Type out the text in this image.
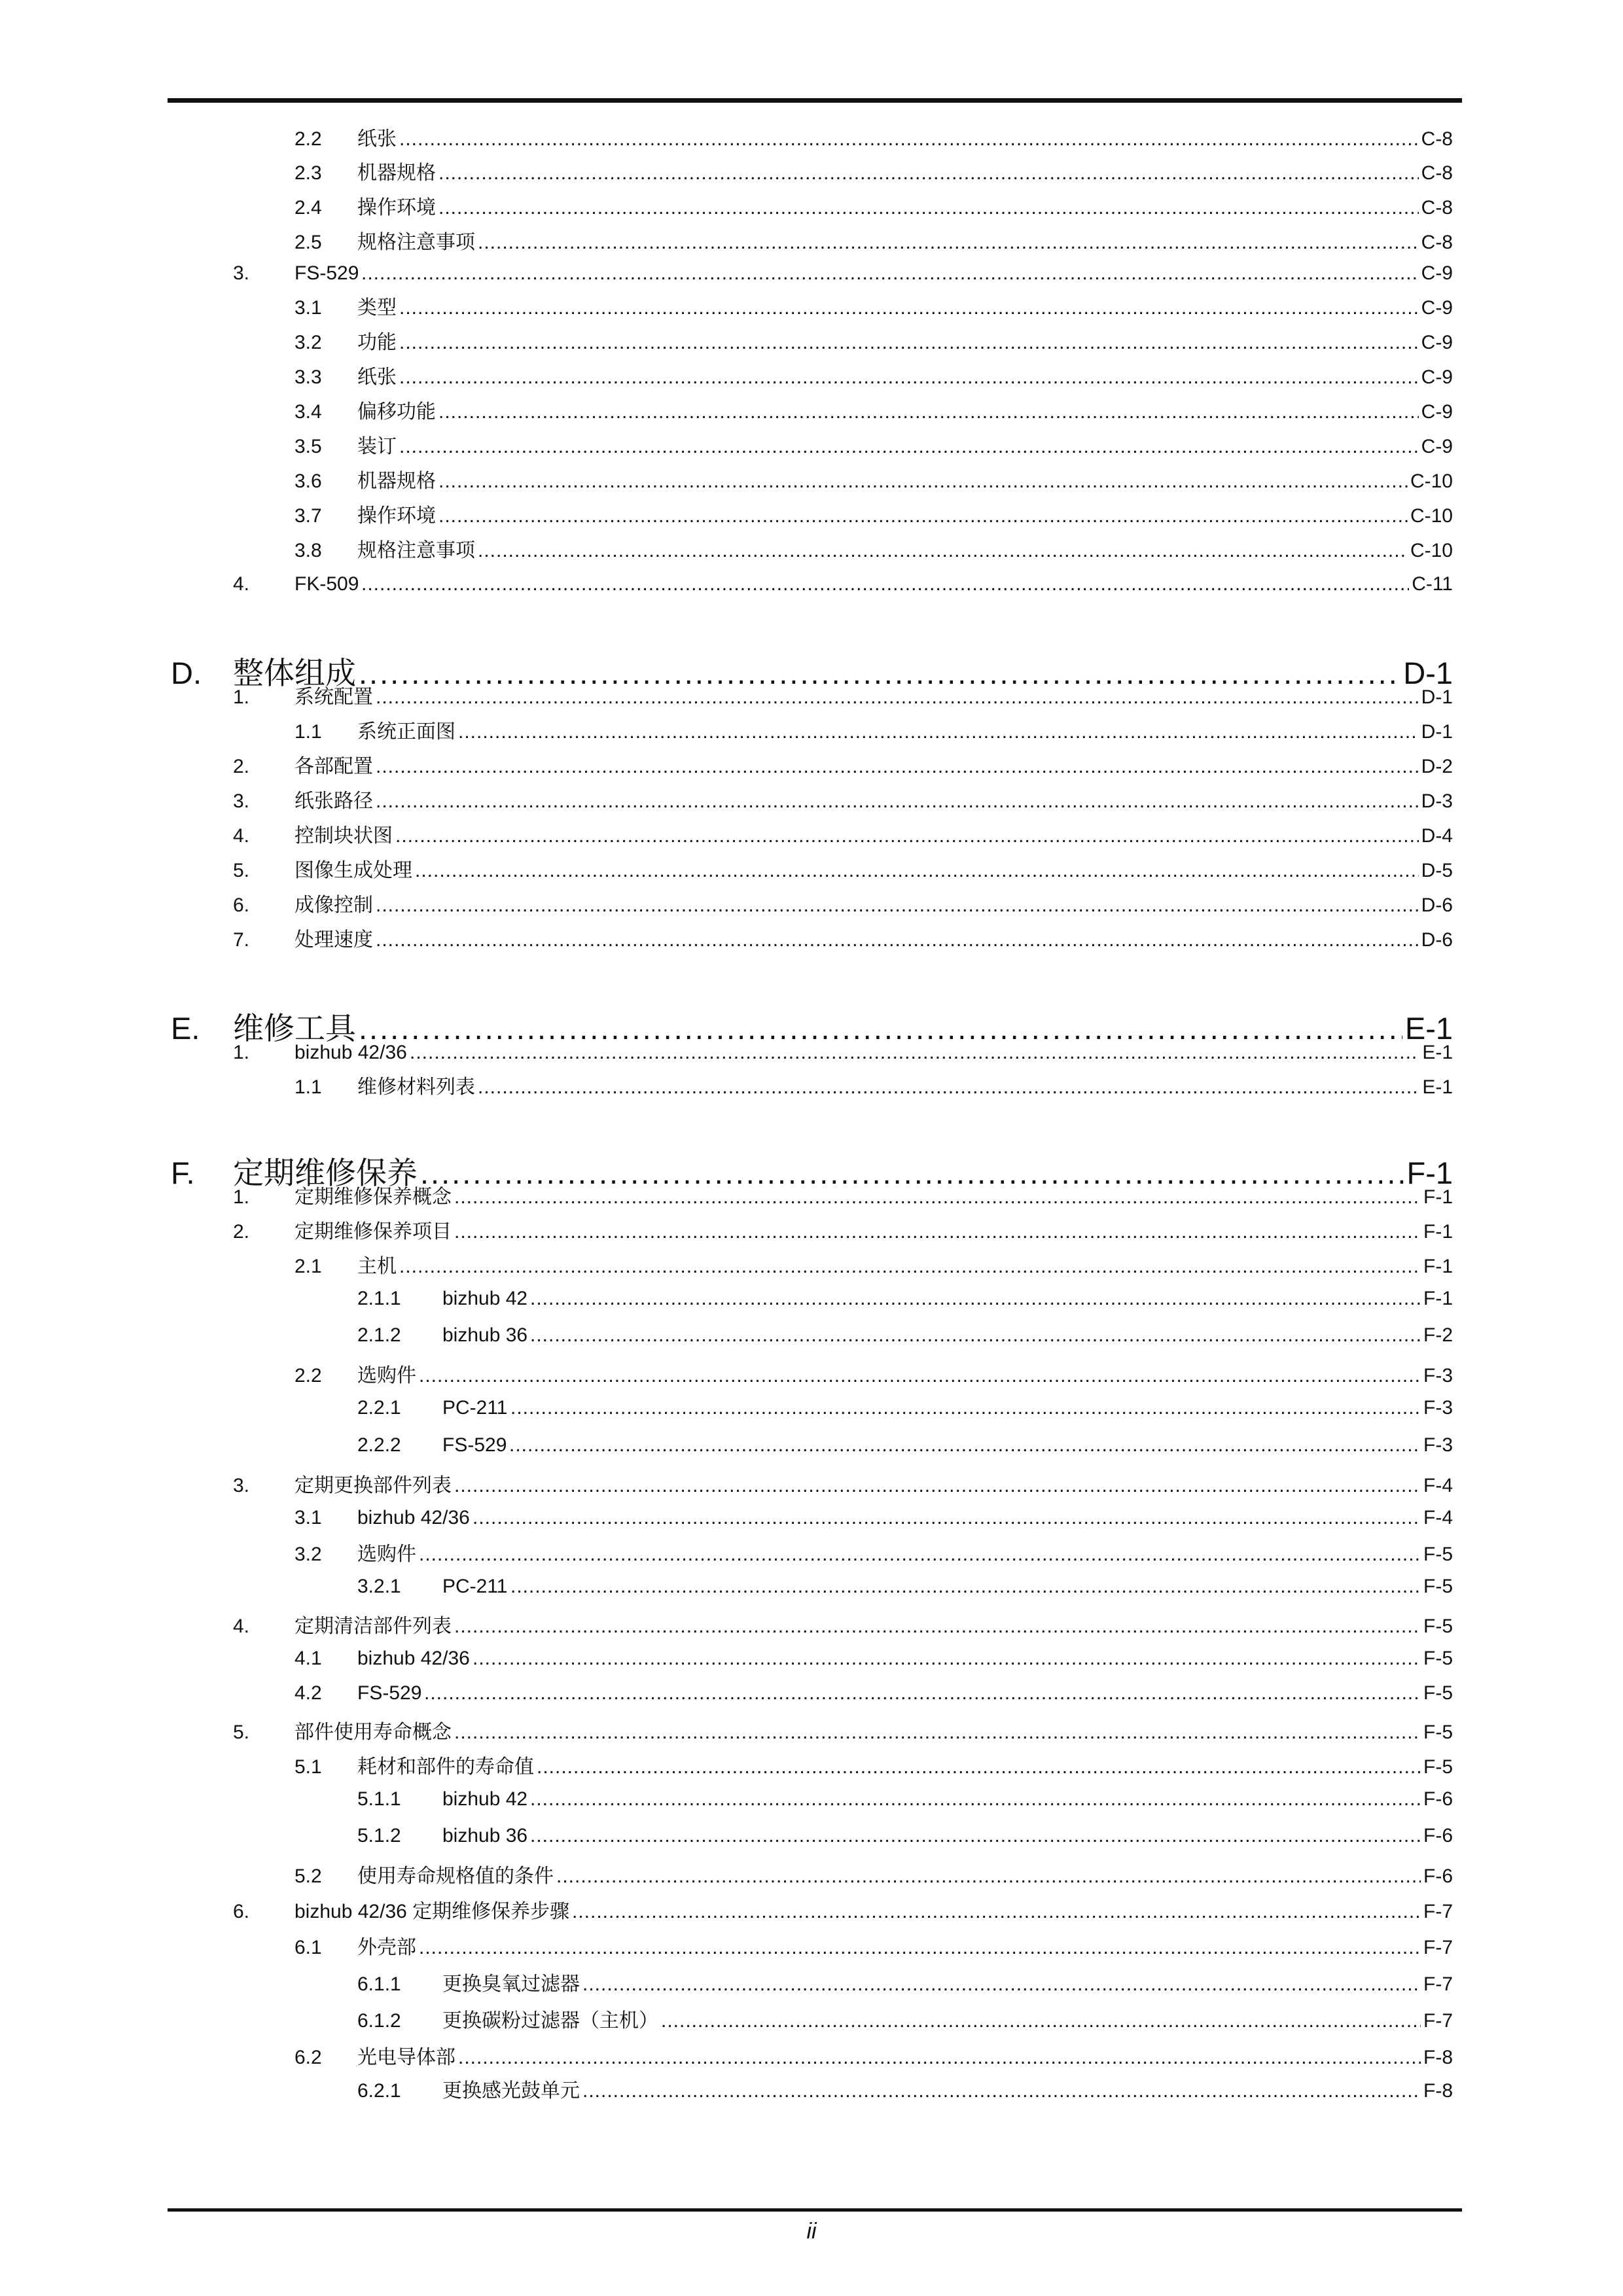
2.2 纸张 .....	C-8
2.3 机器规格 .....	C-8
2.4 操作环境 .....	C-8
2.5 规格注意事项 .....	C-8
3. FS-529 .....	C-9
3.1 类型 .....	C-9
3.2 功能 .....	C-9
3.3 纸张 .....	C-9
3.4 偏移功能 .....	C-9
3.5 装订 .....	C-9
3.6 机器规格 .....	C-10
3.7 操作环境 .....	C-10
3.8 规格注意事项 .....	C-10
4. FK-509 .....	C-11
D. 整体组成 .....	D-1
1. 系统配置 .....	D-1
1.1 系统正面图 .....	D-1
2. 各部配置 .....	D-2
3. 纸张路径 .....	D-3
4. 控制块状图 .....	D-4
5. 图像生成处理 .....	D-5
6. 成像控制 .....	D-6
7. 处理速度 .....	D-6
E. 维修工具 .....	E-1
1. bizhub 42/36 .....	E-1
1.1 维修材料列表 .....	E-1
F. 定期维修保养 .....	F-1
1. 定期维修保养概念 .....	F-1
2. 定期维修保养项目 .....	F-1
2.1 主机 .....	F-1
2.1.1 bizhub 42 .....	F-1
2.1.2 bizhub 36 .....	F-2
2.2 选购件 .....	F-3
2.2.1 PC-211 .....	F-3
2.2.2 FS-529 .....	F-3
3. 定期更换部件列表 .....	F-4
3.1 bizhub 42/36 .....	F-4
3.2 选购件 .....	F-5
3.2.1 PC-211 .....	F-5
4. 定期清洁部件列表 .....	F-5
4.1 bizhub 42/36 .....	F-5
4.2 FS-529 .....	F-5
5. 部件使用寿命概念 .....	F-5
5.1 耗材和部件的寿命值 .....	F-5
5.1.1 bizhub 42 .....	F-6
5.1.2 bizhub 36 .....	F-6
5.2 使用寿命规格值的条件 .....	F-6
6. bizhub 42/36 定期维修保养步骤 .....	F-7
6.1 外壳部 .....	F-7
6.1.1 更换臭氧过滤器 .....	F-7
6.1.2 更换碳粉过滤器（主机） .....	F-7
6.2 光电导体部 .....	F-8
6.2.1 更换感光鼓单元 .....	F-8
ii
